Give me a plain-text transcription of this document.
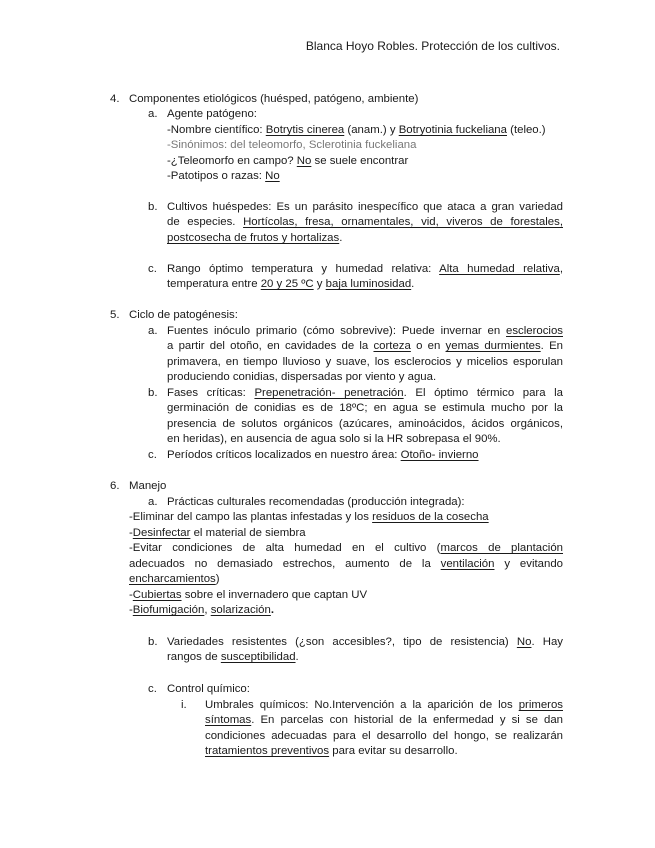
Blanca Hoyo Robles. Protección de los cultivos.
4. Componentes etiológicos (huésped, patógeno, ambiente)
a. Agente patógeno:
-Nombre científico: Botrytis cinerea (anam.) y Botryotinia fuckeliana (teleo.)
-Sinónimos: del teleomorfo, Sclerotinia fuckeliana
-¿Teleomorfo en campo? No se suele encontrar
-Patotipos o razas: No
b. Cultivos huéspedes: Es un parásito inespecífico que ataca a gran variedad
de especies. Hortícolas, fresa, ornamentales, vid, viveros de forestales,
postcosecha de frutos y hortalizas.
c. Rango óptimo temperatura y humedad relativa: Alta humedad relativa,
temperatura entre 20 y 25 ºC y baja luminosidad.
5. Ciclo de patogénesis:
a. Fuentes inóculo primario (cómo sobrevive): Puede invernar en esclerocios
a partir del otoño, en cavidades de la corteza o en yemas durmientes. En
primavera, en tiempo lluvioso y suave, los esclerocios y micelios esporulan
produciendo conidias, dispersadas por viento y agua.
b. Fases críticas: Prepenetración- penetración. El óptimo térmico para la
germinación de conidias es de 18ºC; en agua se estimula mucho por la
presencia de solutos orgánicos (azúcares, aminoácidos, ácidos orgánicos,
en heridas), en ausencia de agua solo si la HR sobrepasa el 90%.
c. Períodos críticos localizados en nuestro área: Otoño- invierno
6. Manejo
a. Prácticas culturales recomendadas (producción integrada):
-Eliminar del campo las plantas infestadas y los residuos de la cosecha
-Desinfectar el material de siembra
-Evitar condiciones de alta humedad en el cultivo (marcos de plantación
adecuados no demasiado estrechos, aumento de la ventilación y evitando
encharcamientos)
-Cubiertas sobre el invernadero que captan UV
-Biofumigación, solarización.
b. Variedades resistentes (¿son accesibles?, tipo de resistencia) No. Hay
rangos de susceptibilidad.
c. Control químico:
i. Umbrales químicos: No.Intervención a la aparición de los primeros
síntomas. En parcelas con historial de la enfermedad y si se dan
condiciones adecuadas para el desarrollo del hongo, se realizarán
tratamientos preventivos para evitar su desarrollo.
